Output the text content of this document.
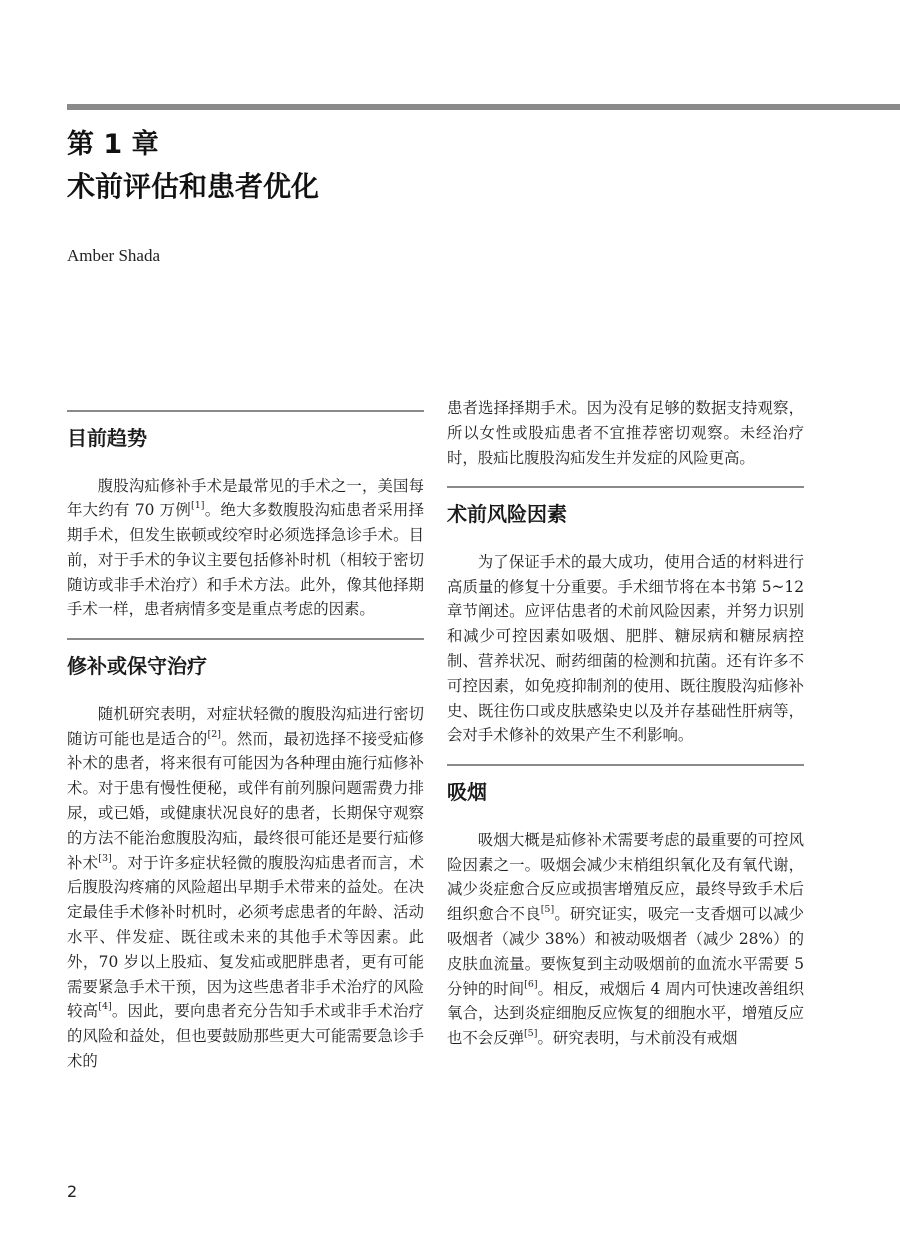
第 1 章
术前评估和患者优化
Amber Shada
目前趋势

腹股沟疝修补手术是最常见的手术之一，美国每年大约有 70 万例[1]。绝大多数腹股沟疝患者采用择期手术，但发生嵌顿或绞窄时必须选择急诊手术。目前，对于手术的争议主要包括修补时机（相较于密切随访或非手术治疗）和手术方法。此外，像其他择期手术一样，患者病情多变是重点考虑的因素。

修补或保守治疗

随机研究表明，对症状轻微的腹股沟疝进行密切随访可能也是适合的[2]。然而，最初选择不接受疝修补术的患者，将来很有可能因为各种理由施行疝修补术。对于患有慢性便秘，或伴有前列腺问题需费力排尿，或已婚，或健康状况良好的患者，长期保守观察的方法不能治愈腹股沟疝，最终很可能还是要行疝修补术[3]。对于许多症状轻微的腹股沟疝患者而言，术后腹股沟疼痛的风险超出早期手术带来的益处。在决定最佳手术修补时机时，必须考虑患者的年龄、活动水平、伴发症、既往或未来的其他手术等因素。此外，70 岁以上股疝、复发疝或肥胖患者，更有可能需要紧急手术干预，因为这些患者非手术治疗的风险较高[4]。因此，要向患者充分告知手术或非手术治疗的风险和益处，但也要鼓励那些更大可能需要急诊手术的

患者选择择期手术。因为没有足够的数据支持观察，所以女性或股疝患者不宜推荐密切观察。未经治疗时，股疝比腹股沟疝发生并发症的风险更高。

术前风险因素

为了保证手术的最大成功，使用合适的材料进行高质量的修复十分重要。手术细节将在本书第 5~12 章节阐述。应评估患者的术前风险因素，并努力识别和减少可控因素如吸烟、肥胖、糖尿病和糖尿病控制、营养状况、耐药细菌的检测和抗菌。还有许多不可控因素，如免疫抑制剂的使用、既往腹股沟疝修补史、既往伤口或皮肤感染史以及并存基础性肝病等，会对手术修补的效果产生不利影响。

吸烟

吸烟大概是疝修补术需要考虑的最重要的可控风险因素之一。吸烟会减少末梢组织氧化及有氧代谢，减少炎症愈合反应或损害增殖反应，最终导致手术后组织愈合不良[5]。研究证实，吸完一支香烟可以减少吸烟者（减少 38%）和被动吸烟者（减少 28%）的皮肤血流量。要恢复到主动吸烟前的血流水平需要 5 分钟的时间[6]。相反，戒烟后 4 周内可快速改善组织氧合，达到炎症细胞反应恢复的细胞水平，增殖反应也不会反弹[5]。研究表明，与术前没有戒烟

2
